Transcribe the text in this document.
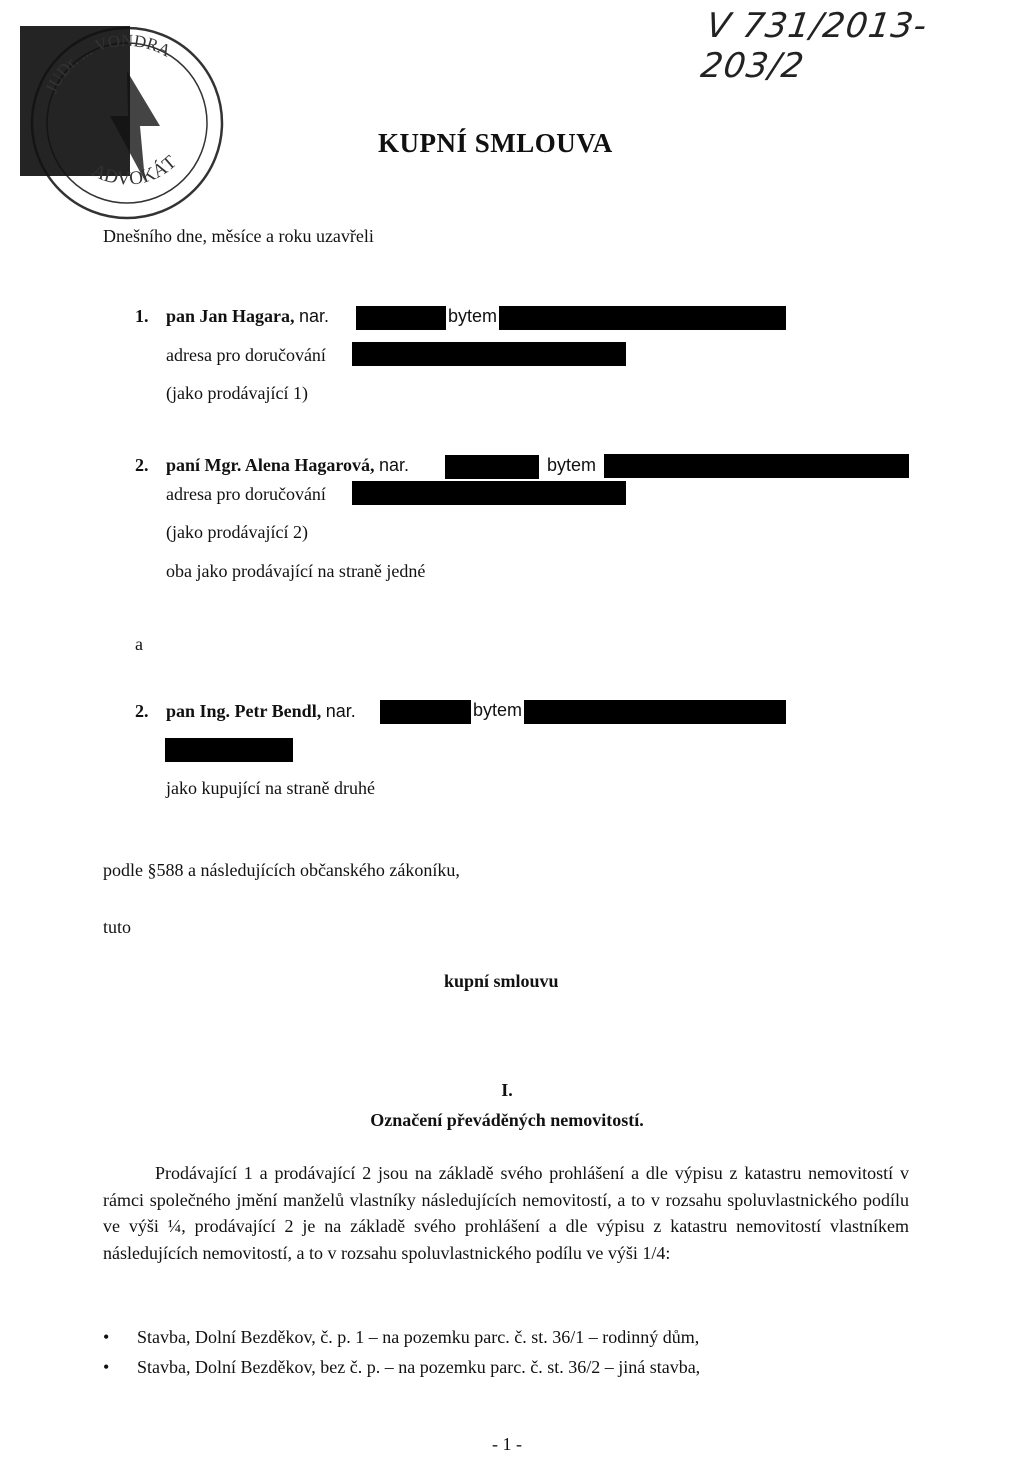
V 731/2013-203/2
JUDr. ... VONDRA
ADVOKÁT
KUPNÍ SMLOUVA
Dnešního dne, měsíce a roku uzavřeli
1. pan Jan Hagara, nar.	bytem
adresa pro doručování
(jako prodávající 1)
2. paní Mgr. Alena Hagarová, nar.	bytem
adresa pro doručování
(jako prodávající 2)
oba jako prodávající na straně jedné
a
2. pan Ing. Petr Bendl, nar.	bytem
jako kupující na straně druhé
podle §588 a následujících občanského zákoníku,
tuto
kupní smlouvu
I.
Označení převáděných nemovitostí.
Prodávající 1 a prodávající 2 jsou na základě svého prohlášení a dle výpisu z katastru nemovitostí v rámci společného jmění manželů vlastníky následujících nemovitostí, a to v rozsahu spoluvlastnického podílu ve výši ¼, prodávající 2 je na základě svého prohlášení a dle výpisu z katastru nemovitostí vlastníkem následujících nemovitostí, a to v rozsahu spoluvlastnického podílu ve výši 1/4:
• Stavba, Dolní Bezděkov, č. p. 1 – na pozemku parc. č. st. 36/1 – rodinný dům,
• Stavba, Dolní Bezděkov, bez č. p. – na pozemku parc. č. st. 36/2 – jiná stavba,
- 1 -
